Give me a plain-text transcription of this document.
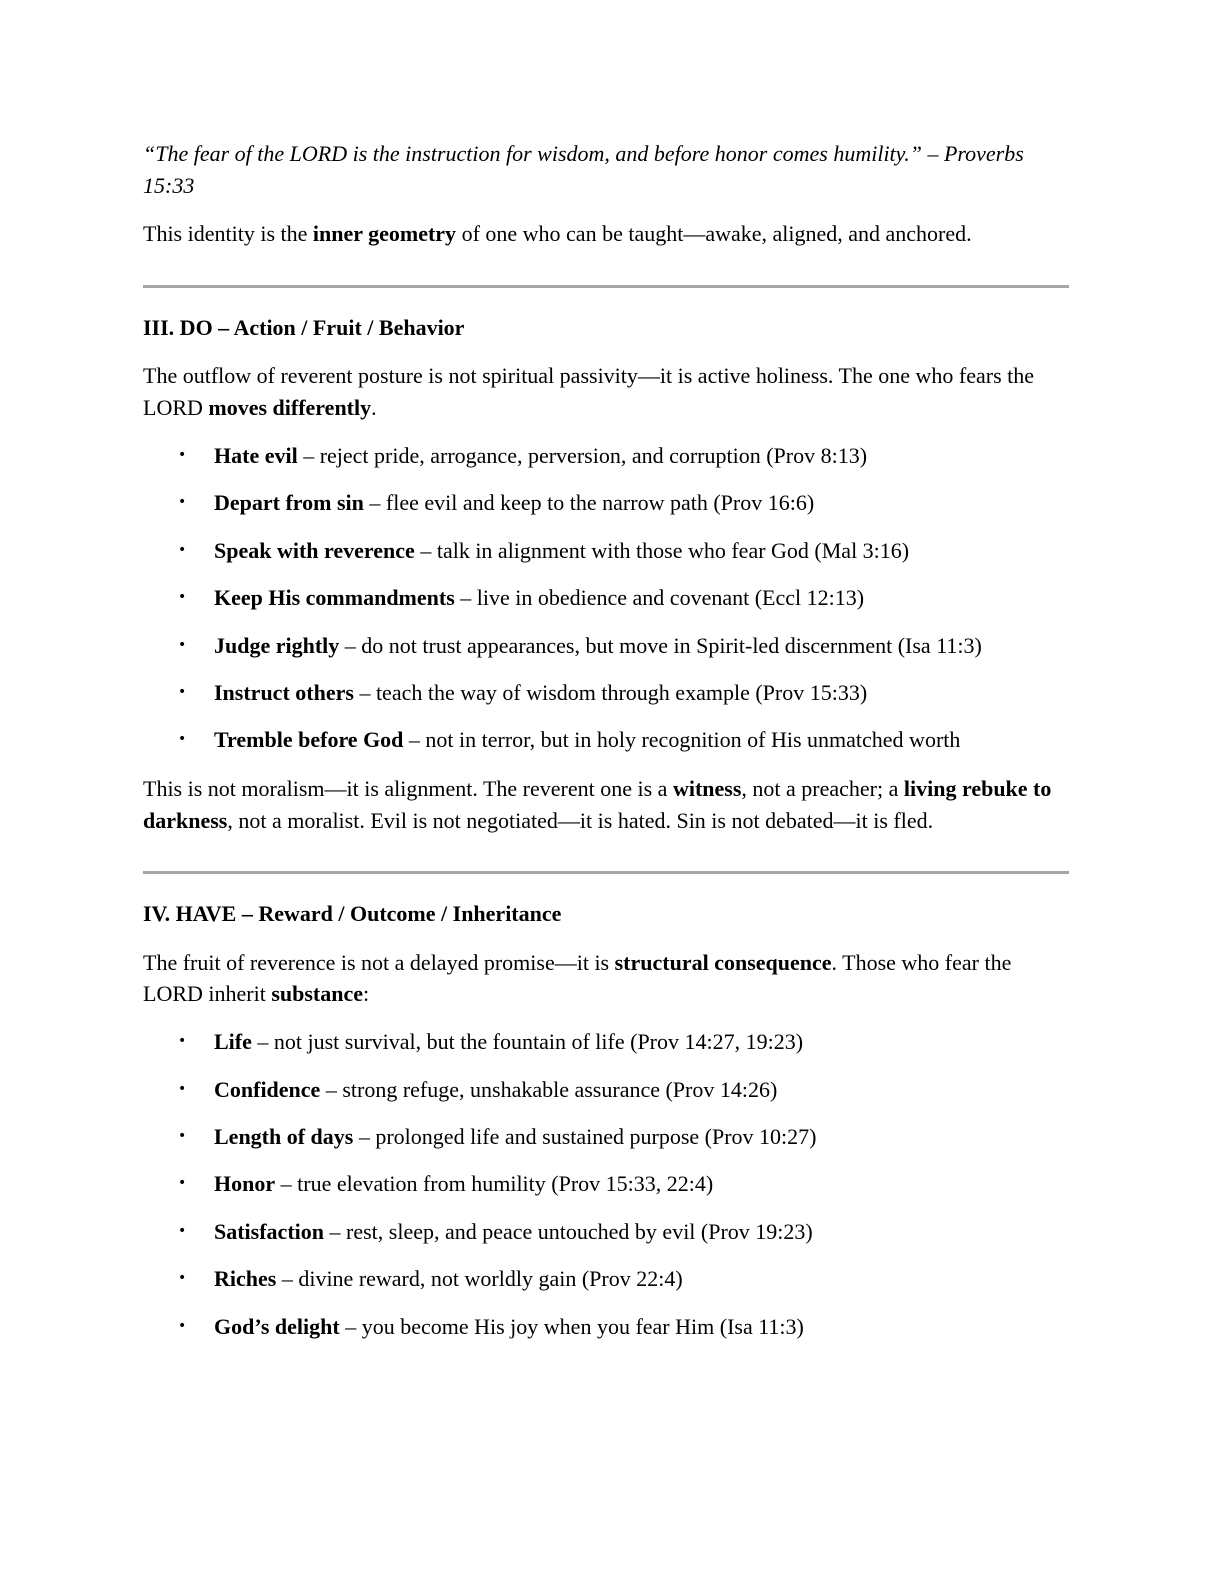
“The fear of the LORD is the instruction for wisdom, and before honor comes humility.” – Proverbs 15:33

This identity is the inner geometry of one who can be taught—awake, aligned, and anchored.

III. DO – Action / Fruit / Behavior

The outflow of reverent posture is not spiritual passivity—it is active holiness. The one who fears the LORD moves differently.

• Hate evil – reject pride, arrogance, perversion, and corruption (Prov 8:13)
• Depart from sin – flee evil and keep to the narrow path (Prov 16:6)
• Speak with reverence – talk in alignment with those who fear God (Mal 3:16)
• Keep His commandments – live in obedience and covenant (Eccl 12:13)
• Judge rightly – do not trust appearances, but move in Spirit-led discernment (Isa 11:3)
• Instruct others – teach the way of wisdom through example (Prov 15:33)
• Tremble before God – not in terror, but in holy recognition of His unmatched worth

This is not moralism—it is alignment. The reverent one is a witness, not a preacher; a living rebuke to darkness, not a moralist. Evil is not negotiated—it is hated. Sin is not debated—it is fled.

IV. HAVE – Reward / Outcome / Inheritance

The fruit of reverence is not a delayed promise—it is structural consequence. Those who fear the LORD inherit substance:

• Life – not just survival, but the fountain of life (Prov 14:27, 19:23)
• Confidence – strong refuge, unshakable assurance (Prov 14:26)
• Length of days – prolonged life and sustained purpose (Prov 10:27)
• Honor – true elevation from humility (Prov 15:33, 22:4)
• Satisfaction – rest, sleep, and peace untouched by evil (Prov 19:23)
• Riches – divine reward, not worldly gain (Prov 22:4)
• God’s delight – you become His joy when you fear Him (Isa 11:3)
